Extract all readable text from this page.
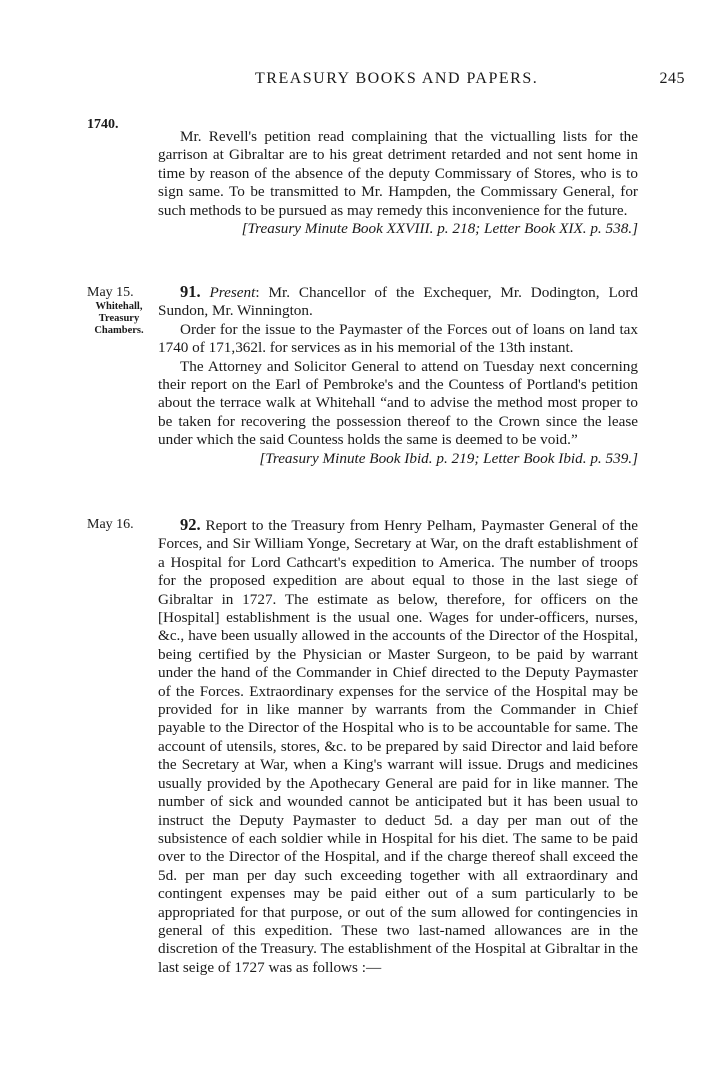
TREASURY BOOKS AND PAPERS.	245
1740.

Mr. Revell's petition read complaining that the victualling lists for the garrison at Gibraltar are to his great detriment retarded and not sent home in time by reason of the absence of the deputy Commissary of Stores, who is to sign same. To be transmitted to Mr. Hampden, the Commissary General, for such methods to be pursued as may remedy this inconvenience for the future.

[Treasury Minute Book XXVIII. p. 218; Letter Book XIX. p. 538.]

May 15.

Whitehall, Treasury Chambers.

91. Present: Mr. Chancellor of the Exchequer, Mr. Dodington, Lord Sundon, Mr. Winnington.

Order for the issue to the Paymaster of the Forces out of loans on land tax 1740 of 171,362l. for services as in his memorial of the 13th instant.

The Attorney and Solicitor General to attend on Tuesday next concerning their report on the Earl of Pembroke's and the Countess of Portland's petition about the terrace walk at Whitehall “and to advise the method most proper to be taken for recovering the possession thereof to the Crown since the lease under which the said Countess holds the same is deemed to be void.”

[Treasury Minute Book Ibid. p. 219; Letter Book Ibid. p. 539.]

May 16.	92. Report to the Treasury from Henry Pelham, Paymaster General of the Forces, and Sir William Yonge, Secretary at War, on the draft establishment of a Hospital for Lord Cathcart's expedition to America. The number of troops for the proposed expedition are about equal to those in the last siege of Gibraltar in 1727. The estimate as below, therefore, for officers on the [Hospital] establishment is the usual one. Wages for under-officers, nurses, &c., have been usually allowed in the accounts of the Director of the Hospital, being certified by the Physician or Master Surgeon, to be paid by warrant under the hand of the Commander in Chief directed to the Deputy Paymaster of the Forces. Extraordinary expenses for the service of the Hospital may be provided for in like manner by warrants from the Commander in Chief payable to the Director of the Hospital who is to be accountable for same. The account of utensils, stores, &c. to be prepared by said Director and laid before the Secretary at War, when a King's warrant will issue. Drugs and medicines usually provided by the Apothecary General are paid for in like manner. The number of sick and wounded cannot be anticipated but it has been usual to instruct the Deputy Paymaster to deduct 5d. a day per man out of the subsistence of each soldier while in Hospital for his diet. The same to be paid over to the Director of the Hospital, and if the charge thereof shall exceed the 5d. per man per day such exceeding together with all extraordinary and contingent expenses may be paid either out of a sum particularly to be appropriated for that purpose, or out of the sum allowed for contingencies in general of this expedition. These two last-named allowances are in the discretion of the Treasury. The establishment of the Hospital at Gibraltar in the last seige of 1727 was as follows :—
